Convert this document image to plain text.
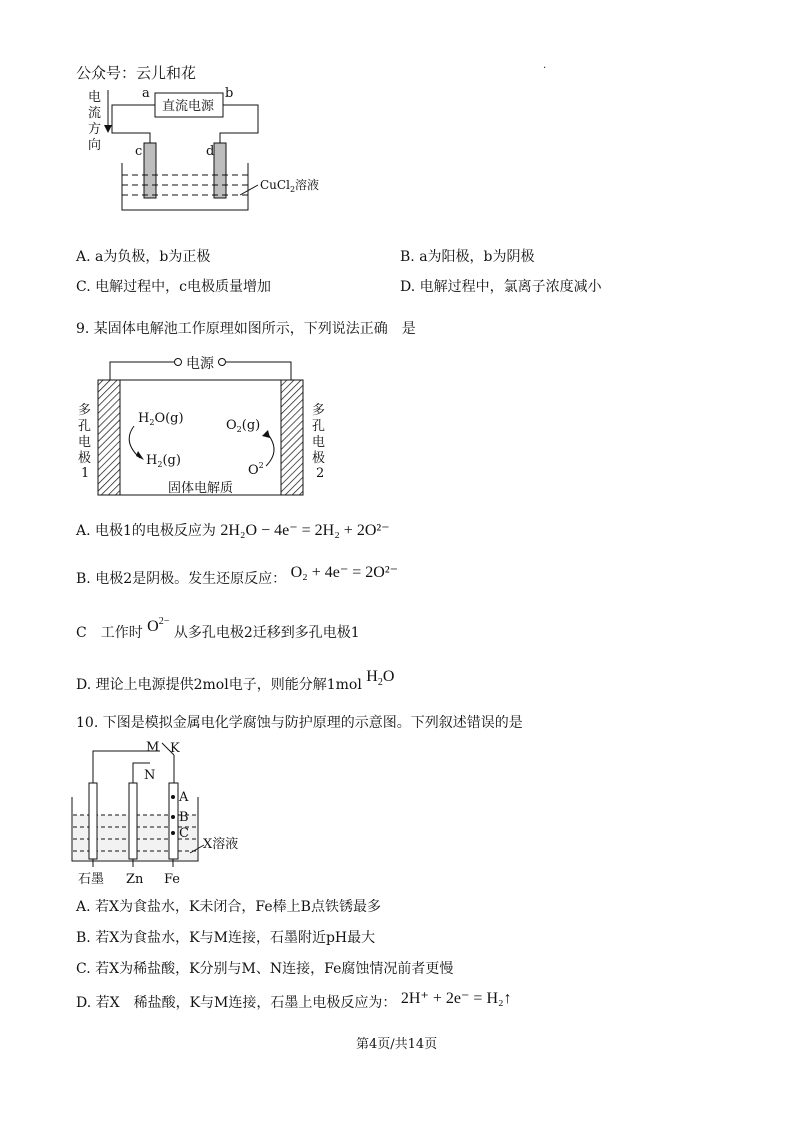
公众号：云儿和花	.
电
流
方
向
a	b
直流电源
c	d
CuCl$_2$溶液
A. a为负极，b为正极	B. a为阳极，b为阴极
C. 电解过程中，c电极质量增加	D. 电解过程中，氯离子浓度减小
9. 某固体电解池工作原理如图所示，下列说法正确　是
电源
多
孔
电
极
1
多
孔
电
极
2
$H_2O(g)$
$H_2(g)$
$O_2(g)$
$O^2$
固体电解质
A. 电极1的电极反应为 2H₂O − 4e⁻ = 2H₂ + 2O²⁻
B. 电极2是阴极。发生还原反应： O₂ + 4e⁻ = 2O²⁻
C　工作时 $O^{2-}$ 从多孔电极2迁移到多孔电极1
D. 理论上电源提供2mol电子，则能分解1mol $H_2O$
10. 下图是模拟金属电化学腐蚀与防护原理的示意图。下列叙述错误的是
M K
N
A
B
C
X溶液
石墨 Zn Fe
A. 若X为食盐水，K未闭合，Fe棒上B点铁锈最多
B. 若X为食盐水，K与M连接，石墨附近pH最大
C. 若X为稀盐酸，K分别与M、N连接，Fe腐蚀情况前者更慢
D. 若X　稀盐酸，K与M连接，石墨上电极反应为： 2H⁺ + 2e⁻ = H₂↑
第4页/共14页
